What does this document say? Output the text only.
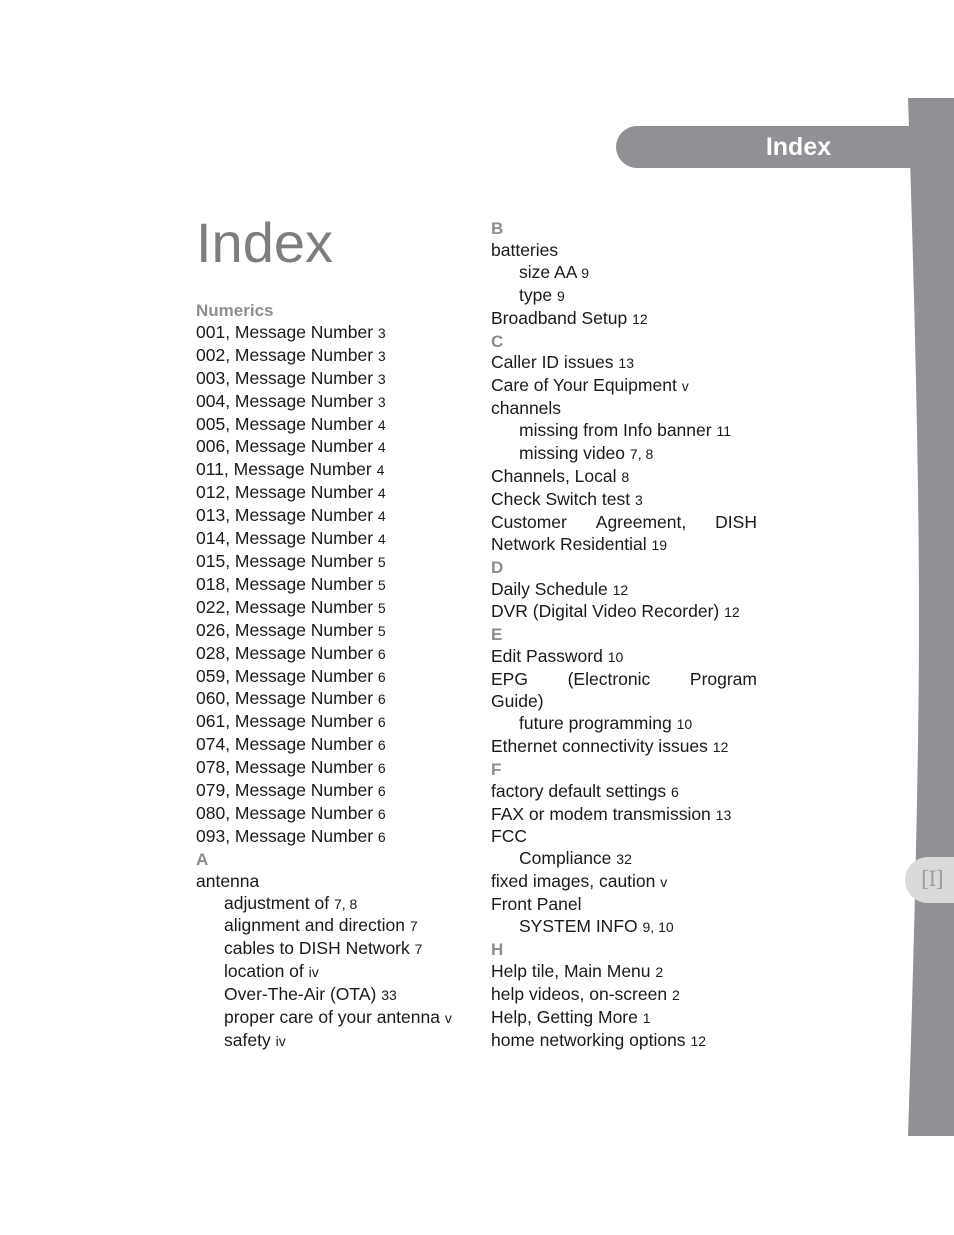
Index
Index
Numerics
001, Message Number 3
002, Message Number 3
003, Message Number 3
004, Message Number 3
005, Message Number 4
006, Message Number 4
011, Message Number 4
012, Message Number 4
013, Message Number 4
014, Message Number 4
015, Message Number 5
018, Message Number 5
022, Message Number 5
026, Message Number 5
028, Message Number 6
059, Message Number 6
060, Message Number 6
061, Message Number 6
074, Message Number 6
078, Message Number 6
079, Message Number 6
080, Message Number 6
093, Message Number 6
A
antenna
adjustment of 7, 8
alignment and direction 7
cables to DISH Network 7
location of iv
Over-The-Air (OTA) 33
proper care of your antenna v
safety iv
B
batteries
size AA 9
type 9
Broadband Setup 12
C
Caller ID issues 13
Care of Your Equipment v
channels
missing from Info banner 11
missing video 7, 8
Channels, Local 8
Check Switch test 3
Customer Agreement, DISH
Network Residential 19
D
Daily Schedule 12
DVR (Digital Video Recorder) 12
E
Edit Password 10
EPG (Electronic Program
Guide)
future programming 10
Ethernet connectivity issues 12
F
factory default settings 6
FAX or modem transmission 13
FCC
Compliance 32
fixed images, caution v
Front Panel
SYSTEM INFO 9, 10
H
Help tile, Main Menu 2
help videos, on-screen 2
Help, Getting More 1
home networking options 12
[I]
